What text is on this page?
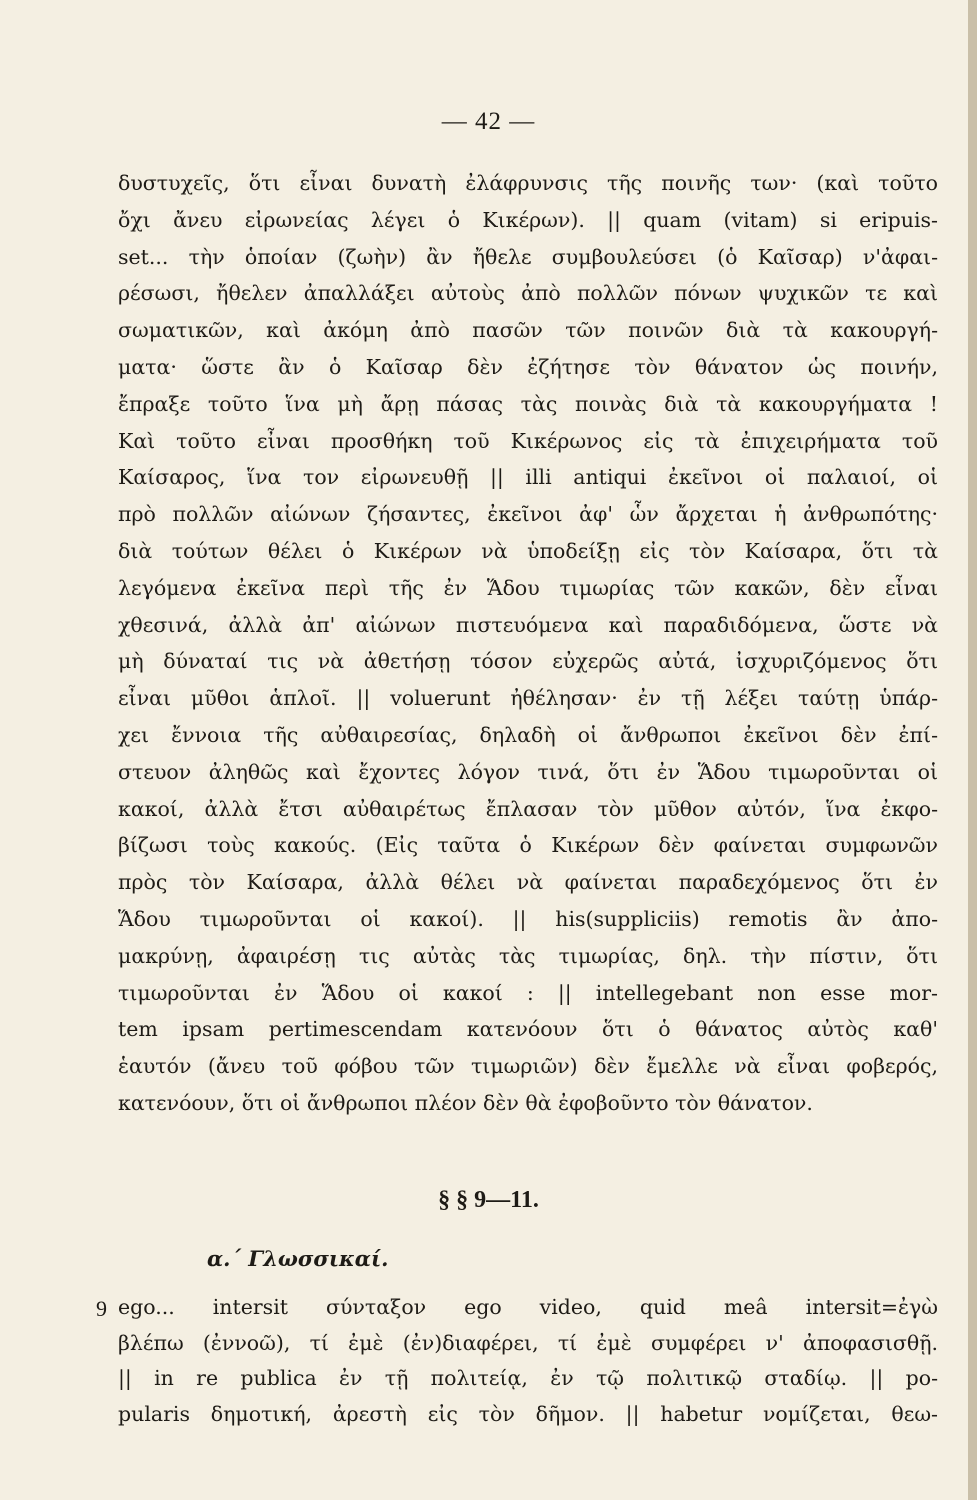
— 42 —
δυστυχεῖς, ὅτι εἶναι δυνατὴ ἐλάφρυνσις τῆς ποινῆς των· (καὶ τοῦτο
ὄχι ἄνευ εἰρωνείας λέγει ὁ Κικέρων). || quam (vitam) si eripuis-
set... τὴν ὁποίαν (ζωὴν) ἂν ἤθελε συμβουλεύσει (ὁ Καῖσαρ) ν'ἀφαι-
ρέσωσι, ἤθελεν ἀπαλλάξει αὐτοὺς ἀπὸ πολλῶν πόνων ψυχικῶν τε καὶ
σωματικῶν, καὶ ἀκόμη ἀπὸ πασῶν τῶν ποινῶν διὰ τὰ κακουργή-
ματα· ὥστε ἂν ὁ Καῖσαρ δὲν ἐζήτησε τὸν θάνατον ὡς ποινήν,
ἔπραξε τοῦτο ἵνα μὴ ἄρῃ πάσας τὰς ποινὰς διὰ τὰ κακουργήματα !
Καὶ τοῦτο εἶναι προσθήκη τοῦ Κικέρωνος εἰς τὰ ἐπιχειρήματα τοῦ
Καίσαρος, ἵνα τον εἰρωνευθῇ || illi antiqui ἐκεῖνοι οἱ παλαιοί, οἱ
πρὸ πολλῶν αἰώνων ζήσαντες, ἐκεῖνοι ἀφ' ὧν ἄρχεται ἡ ἀνθρωπότης·
διὰ τούτων θέλει ὁ Κικέρων νὰ ὑποδείξῃ εἰς τὸν Καίσαρα, ὅτι τὰ
λεγόμενα ἐκεῖνα περὶ τῆς ἐν Ἅδου τιμωρίας τῶν κακῶν, δὲν εἶναι
χθεσινά, ἀλλὰ ἀπ' αἰώνων πιστευόμενα καὶ παραδιδόμενα, ὥστε νὰ
μὴ δύναταί τις νὰ ἀθετήσῃ τόσον εὐχερῶς αὐτά, ἰσχυριζόμενος ὅτι
εἶναι μῦθοι ἁπλοῖ. || voluerunt ἠθέλησαν· ἐν τῇ λέξει ταύτῃ ὑπάρ-
χει ἔννοια τῆς αὐθαιρεσίας, δηλαδὴ οἱ ἄνθρωποι ἐκεῖνοι δὲν ἐπί-
στευον ἀληθῶς καὶ ἔχοντες λόγον τινά, ὅτι ἐν Ἅδου τιμωροῦνται οἱ
κακοί, ἀλλὰ ἔτσι αὐθαιρέτως ἔπλασαν τὸν μῦθον αὐτόν, ἵνα ἐκφο-
βίζωσι τοὺς κακούς. (Εἰς ταῦτα ὁ Κικέρων δὲν φαίνεται συμφωνῶν
πρὸς τὸν Καίσαρα, ἀλλὰ θέλει νὰ φαίνεται παραδεχόμενος ὅτι ἐν
Ἅδου τιμωροῦνται οἱ κακοί). || his(suppliciis) remotis ἂν ἀπο-
μακρύνῃ, ἀφαιρέσῃ τις αὐτὰς τὰς τιμωρίας, δηλ. τὴν πίστιν, ὅτι
τιμωροῦνται ἐν Ἅδου οἱ κακοί : || intellegebant non esse mor-
tem ipsam pertimescendam κατενόουν ὅτι ὁ θάνατος αὐτὸς καθ'
ἑαυτόν (ἄνευ τοῦ φόβου τῶν τιμωριῶν) δὲν ἔμελλε νὰ εἶναι φοβερός,
κατενόουν, ὅτι οἱ ἄνθρωποι πλέον δὲν θὰ ἐφοβοῦντο τὸν θάνατον.
§ § 9—11.
α.΄ Γλωσσικαί.
9 ego... intersit σύνταξον ego video, quid meâ intersit=ἐγὼ
βλέπω (ἐννοῶ), τί ἐμὲ (ἐν)διαφέρει, τί ἐμὲ συμφέρει ν' ἀποφασισθῇ.
|| in re publica ἐν τῇ πολιτείᾳ, ἐν τῷ πολιτικῷ σταδίῳ. || po-
pularis δημοτική, ἀρεστὴ εἰς τὸν δῆμον. || habetur νομίζεται, θεω-
